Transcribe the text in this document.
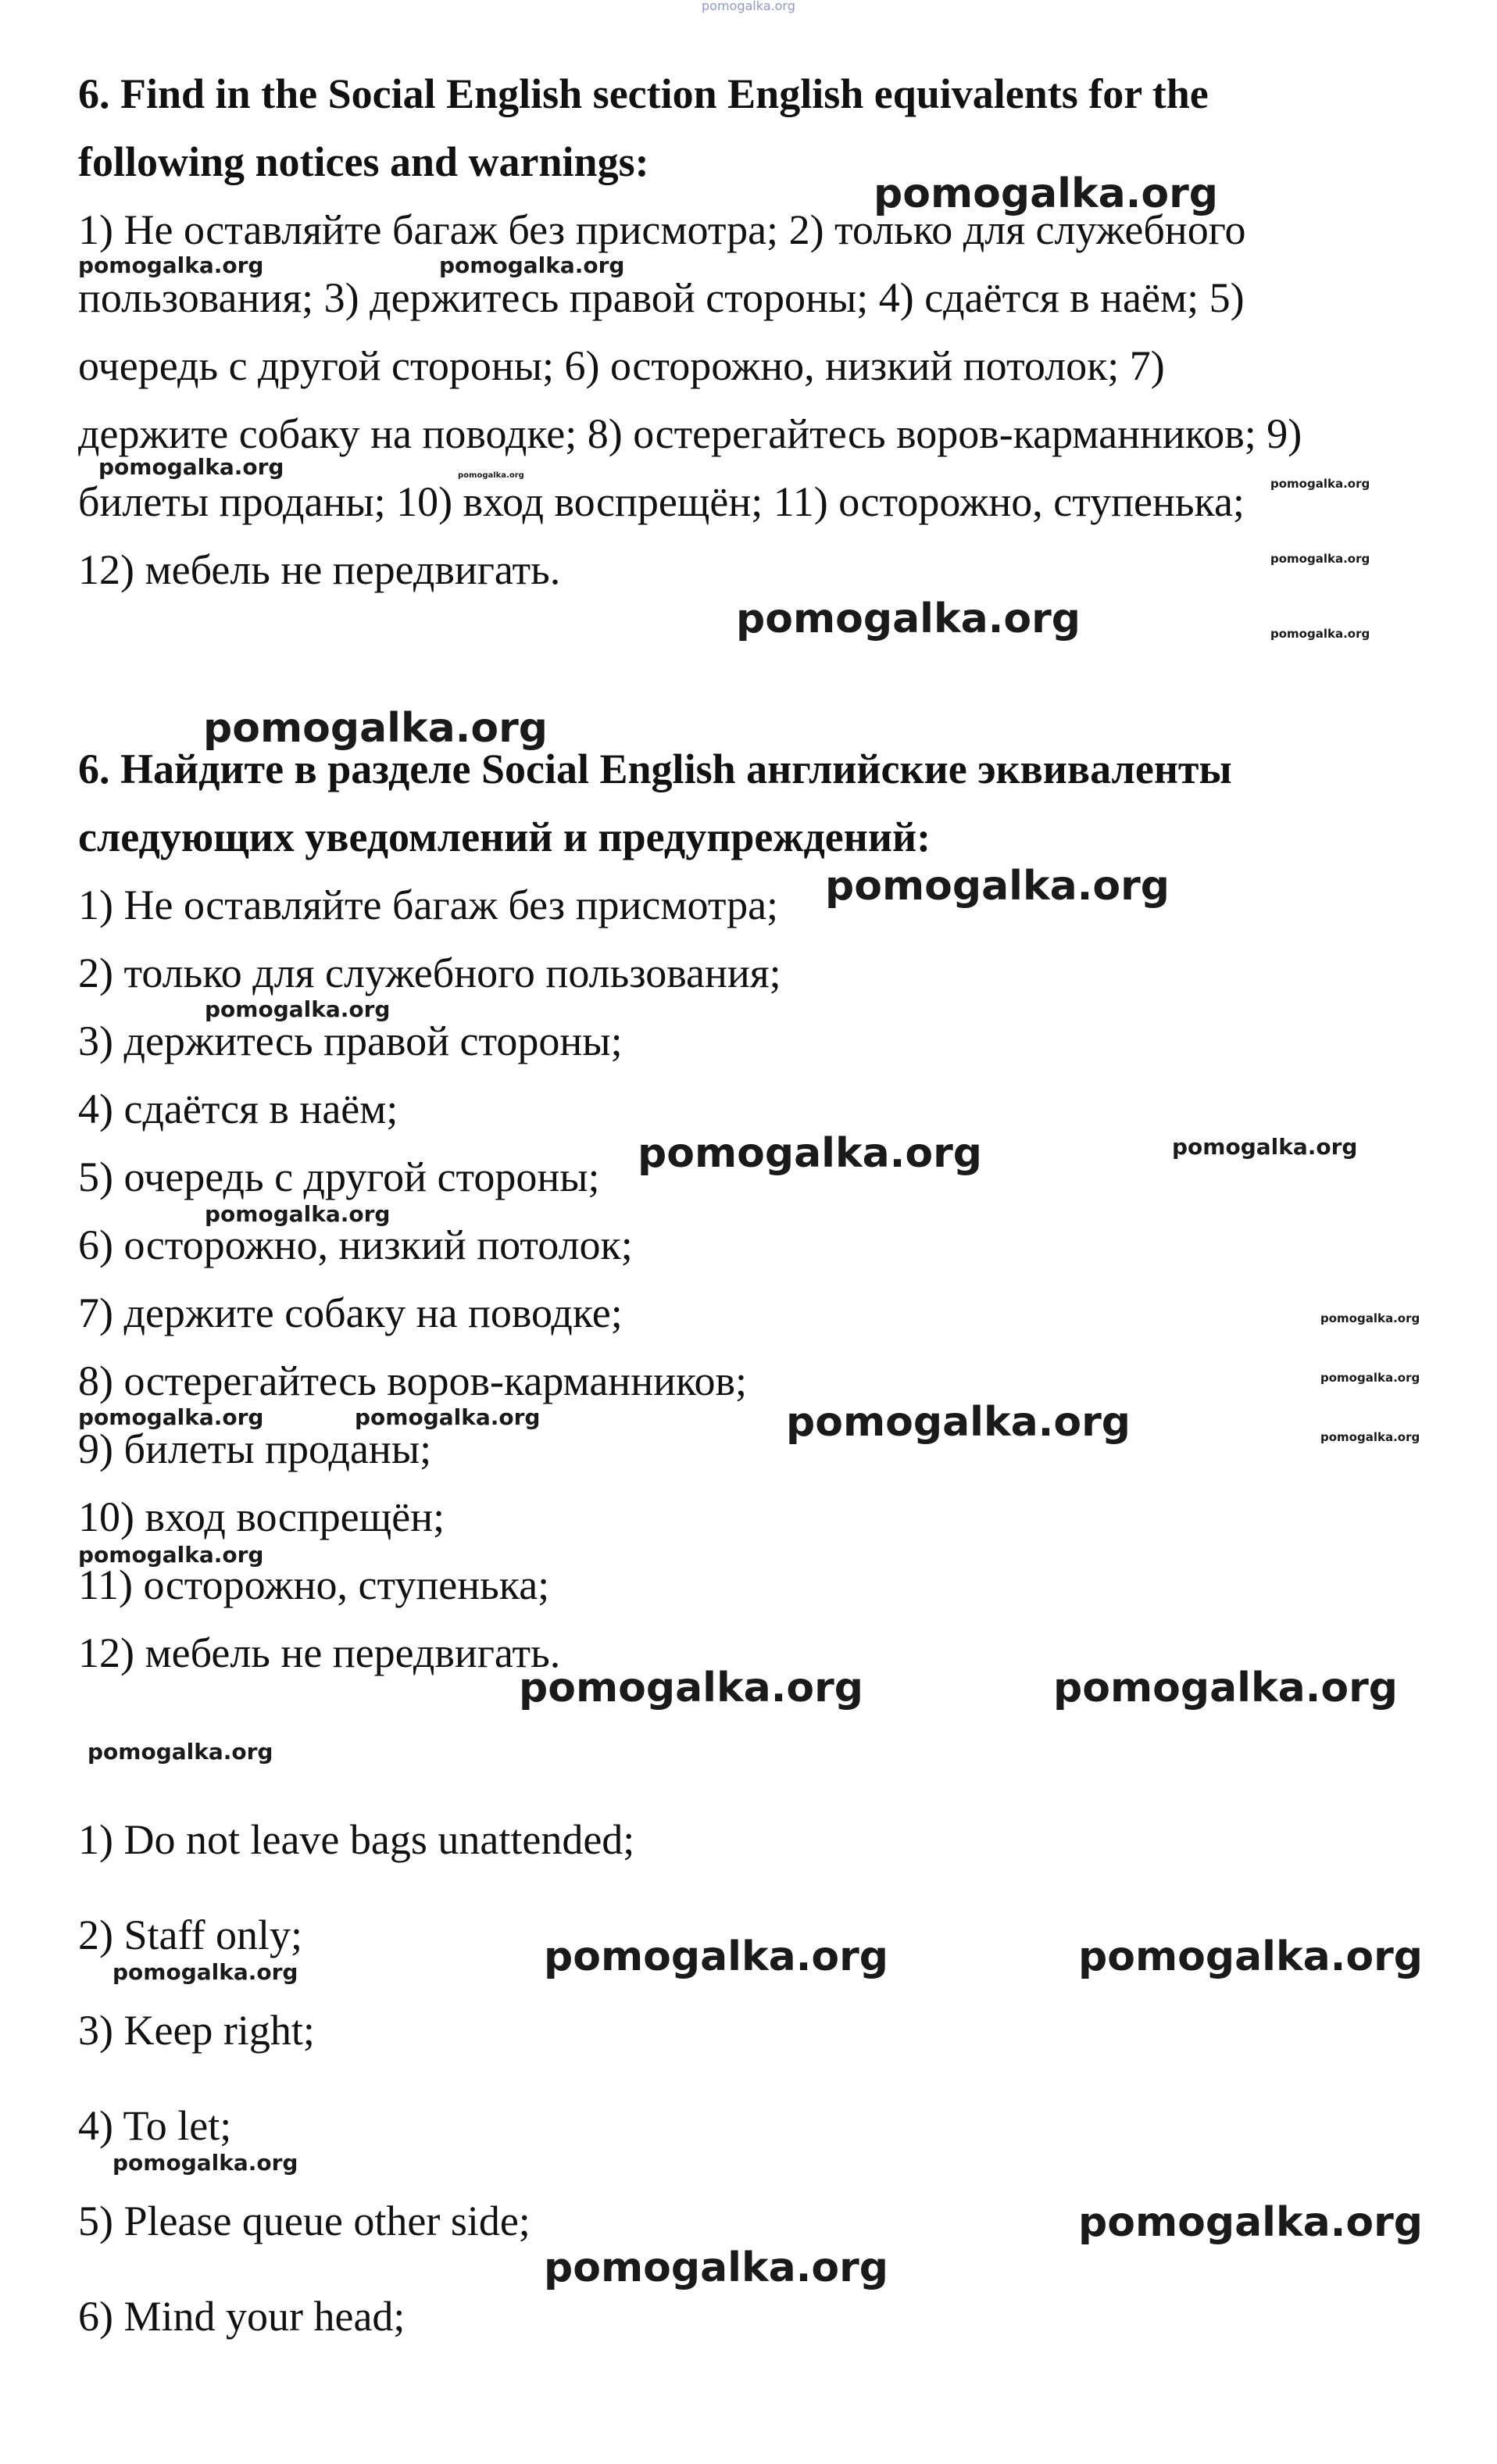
pomogalka.org
6. Find in the Social English section English equivalents for the
following notices and warnings:
1) Не оставляйте багаж без присмотра; 2) только для служебного
пользования; 3) держитесь правой стороны; 4) сдаётся в наём; 5)
очередь с другой стороны; 6) осторожно, низкий потолок; 7)
держите собаку на поводке; 8) остерегайтесь воров-карманников; 9)
билеты проданы; 10) вход воспрещён; 11) осторожно, ступенька;
12) мебель не передвигать.
6. Найдите в разделе Social English английские эквиваленты
следующих уведомлений и предупреждений:
1) Не оставляйте багаж без присмотра;
2) только для служебного пользования;
3) держитесь правой стороны;
4) сдаётся в наём;
5) очередь с другой стороны;
6) осторожно, низкий потолок;
7) держите собаку на поводке;
8) остерегайтесь воров-карманников;
9) билеты проданы;
10) вход воспрещён;
11) осторожно, ступенька;
12) мебель не передвигать.
1) Do not leave bags unattended;
2) Staff only;
3) Keep right;
4) To let;
5) Please queue other side;
6) Mind your head;
pomogalka.org
pomogalka.org	pomogalka.org
pomogalka.org	pomogalka.org
pomogalka.org
pomogalka.org
pomogalka.org	pomogalka.org
pomogalka.org
pomogalka.org
pomogalka.org
pomogalka.org	pomogalka.org
pomogalka.org
pomogalka.org
pomogalka.org
pomogalka.org
pomogalka.org	pomogalka.org	pomogalka.org
pomogalka.org
pomogalka.org	pomogalka.org
pomogalka.org
pomogalka.org	pomogalka.org
pomogalka.org
pomogalka.org
pomogalka.org
pomogalka.org
